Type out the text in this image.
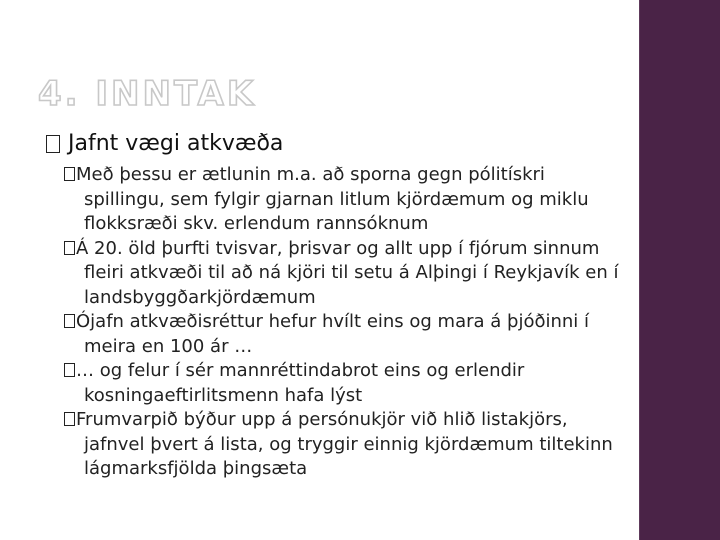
4. INNTAK
Jafnt vægi atkvæða
Með þessu er ætlunin m.a. að sporna gegn pólitískri spillingu, sem fylgir gjarnan litlum kjördæmum og miklu flokksræði skv. erlendum rannsóknum
Á 20. öld þurfti tvisvar, þrisvar og allt upp í fjórum sinnum fleiri atkvæði til að ná kjöri til setu á Alþingi í Reykjavík en í landsbyggðarkjördæmum
Ójafn atkvæðisréttur hefur hvílt eins og mara á þjóðinni í meira en 100 ár …
… og felur í sér mannréttindabrot eins og erlendir kosningaeftirlitsmenn hafa lýst
Frumvarpið býður upp á persónukjör við hlið listakjörs, jafnvel þvert á lista, og tryggir einnig kjördæmum tiltekinn lágmarksfjölda þingsæta
